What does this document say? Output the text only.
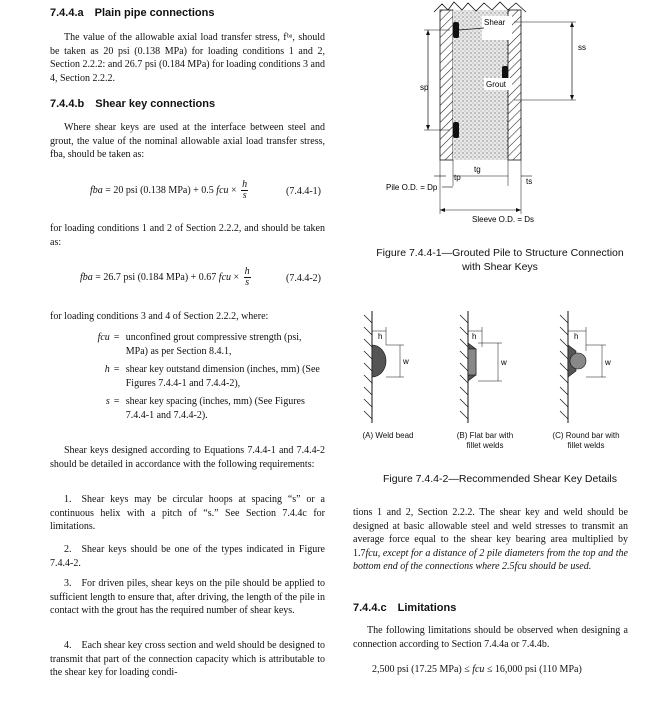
7.4.4.a Plain pipe connections
The value of the allowable axial load transfer stress, fᵇᵃ, should be taken as 20 psi (0.138 MPa) for loading conditions 1 and 2, Section 2.2.2: and 26.7 psi (0.184 MPa) for loading conditions 3 and 4, Section 2.2.2.
7.4.4.b Shear key connections
Where shear keys are used at the interface between steel and grout, the value of the nominal allowable axial load transfer stress, fba, should be taken as:
fba = 20 psi (0.138 MPa) + 0.5 fcu × $\frac{h}{s}$	(7.4.4-1)
for loading conditions 1 and 2 of Section 2.2.2, and should be taken as:
fba = 26.7 psi (0.184 MPa) + 0.67 fcu × $\frac{h}{s}$	(7.4.4-2)
for loading conditions 3 and 4 of Section 2.2.2, where:
fcu = unconfined grout compressive strength (psi, MPa) as per Section 8.4.1,
h = shear key outstand dimension (inches, mm) (See Figures 7.4.4-1 and 7.4.4-2),
s = shear key spacing (inches, mm) (See Figures 7.4.4-1 and 7.4.4-2).
Shear keys designed according to Equations 7.4.4-1 and 7.4.4-2 should be detailed in accordance with the following requirements:
1. Shear keys may be circular hoops at spacing “s” or a continuous helix with a pitch of “s.” See Section 7.4.4c for limitations.
2. Shear keys should be one of the types indicated in Figure 7.4.4-2.
3. For driven piles, shear keys on the pile should be applied to sufficient length to ensure that, after driving, the length of the pile in contact with the grout has the required number of shear keys.
4. Each shear key cross section and weld should be designed to transmit that part of the connection capacity which is attributable to the shear key for loading condi-
Shear
Grout
sp
ss
tp
tg
ts
Pile O.D. = Dp
Sleeve O.D. = Ds
Figure 7.4.4-1—Grouted Pile to Structure Connection
with Shear Keys
h
w
h
w
h
w
(A) Weld bead	(B) Flat bar with
fillet welds
(C) Round bar with
fillet welds
Figure 7.4.4-2—Recommended Shear Key Details
tions 1 and 2, Section 2.2.2. The shear key and weld should be designed at basic allowable steel and weld stresses to transmit an average force equal to the shear key bearing area multiplied by 1.7fcu, except for a distance of 2 pile diameters from the top and the bottom end of the connections where 2.5fcu should be used.
7.4.4.c Limitations
The following limitations should be observed when designing a connection according to Section 7.4.4a or 7.4.4b.
2,500 psi (17.25 MPa) ≤ fcu ≤ 16,000 psi (110 MPa)
